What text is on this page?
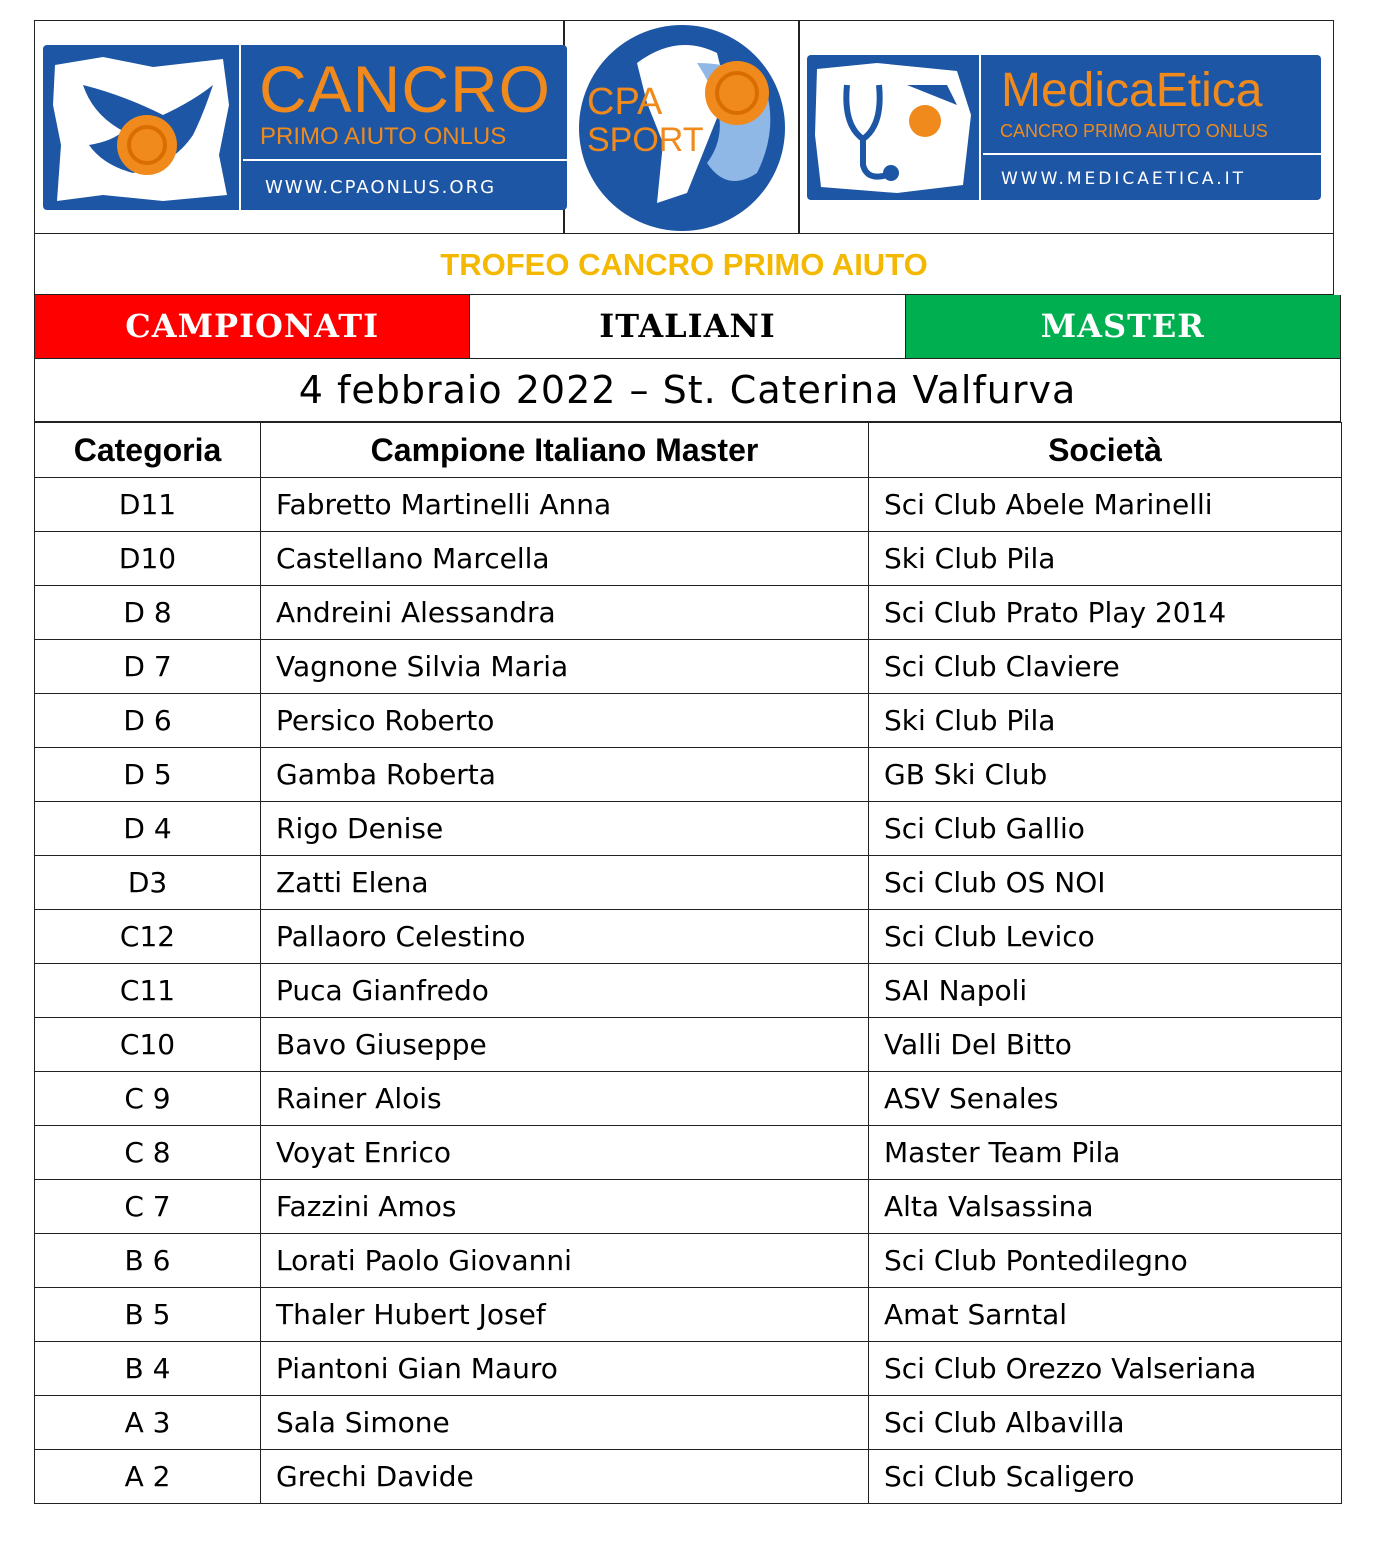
CANCRO
PRIMO AIUTO ONLUS
WWW.CPAONLUS.ORG
CPA
SPORT
MedicaEtica
CANCRO PRIMO AIUTO ONLUS
WWW.MEDICAETICA.IT
TROFEO CANCRO PRIMO AIUTO
CAMPIONATI	ITALIANI	MASTER
4 febbraio 2022 – St. Caterina Valfurva
Categoria	Campione Italiano Master	Società
D11	Fabretto Martinelli Anna	Sci Club Abele Marinelli
D10	Castellano Marcella	Ski Club Pila
D 8	Andreini Alessandra	Sci Club Prato Play 2014
D 7	Vagnone Silvia Maria	Sci Club Claviere
D 6	Persico Roberto	Ski Club Pila
D 5	Gamba Roberta	GB Ski Club
D 4	Rigo Denise	Sci Club Gallio
D3	Zatti Elena	Sci Club OS NOI
C12	Pallaoro Celestino	Sci Club Levico
C11	Puca Gianfredo	SAI Napoli
C10	Bavo Giuseppe	Valli Del Bitto
C 9	Rainer Alois	ASV Senales
C 8	Voyat Enrico	Master Team Pila
C 7	Fazzini Amos	Alta Valsassina
B 6	Lorati Paolo Giovanni	Sci Club Pontedilegno
B 5	Thaler Hubert Josef	Amat Sarntal
B 4	Piantoni Gian Mauro	Sci Club Orezzo Valseriana
A 3	Sala Simone	Sci Club Albavilla
A 2	Grechi Davide	Sci Club Scaligero
